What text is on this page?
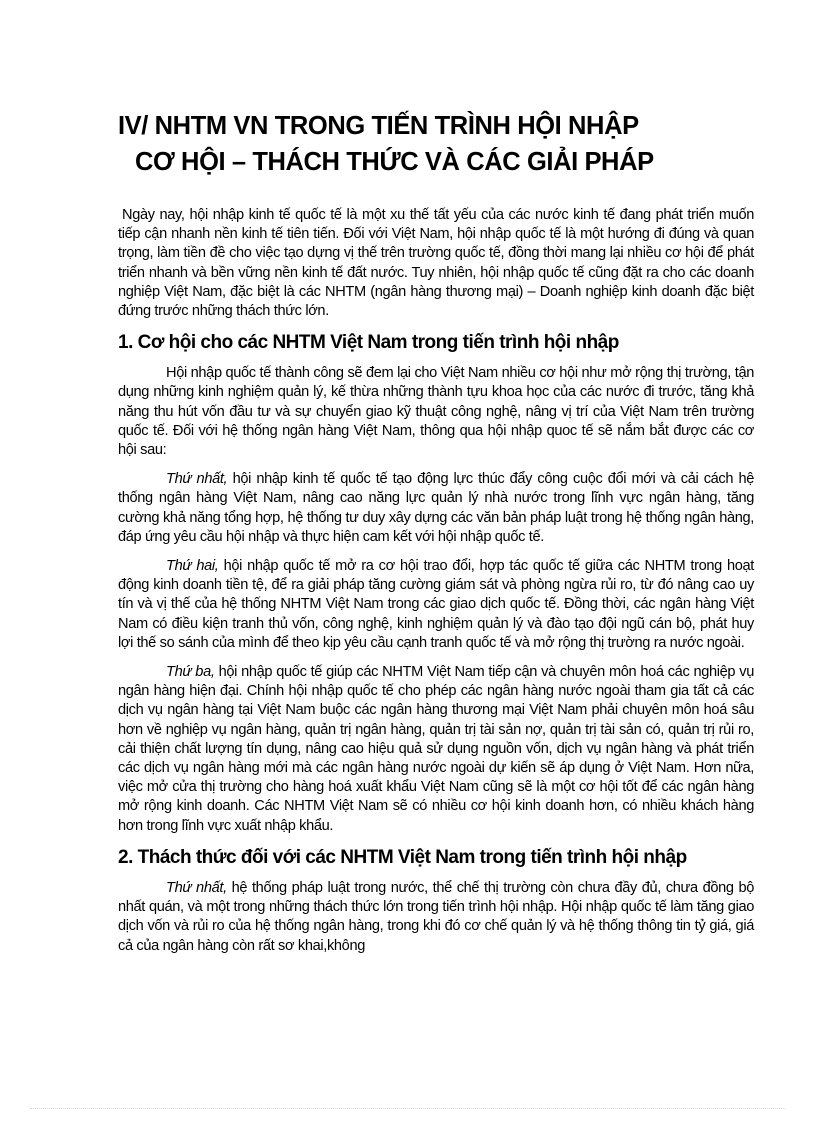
IV/ NHTM VN TRONG TIẾN TRÌNH HỘI NHẬP
CƠ HỘI – THÁCH THỨC VÀ CÁC GIẢI PHÁP

Ngày nay, hội nhập kinh tế quốc tế là một xu thế tất yếu của các nước kinh tế đang phát triển muốn tiếp cận nhanh nền kinh tế tiên tiến. Đối với Việt Nam, hội nhập quốc tế là một hướng đi đúng và quan trọng, làm tiền đề cho việc tạo dựng vị thế trên trường quốc tế, đồng thời mang lại nhiều cơ hội để phát triển nhanh và bền vững nền kinh tế đất nước. Tuy nhiên, hội nhập quốc tế cũng đặt ra cho các doanh nghiệp Việt Nam, đặc biệt là các NHTM (ngân hàng thương mại) – Doanh nghiệp kinh doanh đặc biệt đứng trước những thách thức lớn.

1. Cơ hội cho các NHTM Việt Nam trong tiến trình hội nhập

Hội nhập quốc tế thành công sẽ đem lại cho Việt Nam nhiều cơ hội như mở rộng thị trường, tận dụng những kinh nghiệm quản lý, kế thừa những thành tựu khoa học của các nước đi trước, tăng khả năng thu hút vốn đầu tư và sự chuyển giao kỹ thuật công nghệ, nâng vị trí của Việt Nam trên trường quốc tế. Đối với hệ thống ngân hàng Việt Nam, thông qua hội nhập quoc tế sẽ nắm bắt được các cơ hội sau:

Thứ nhất, hội nhập kinh tế quốc tế tạo động lực thúc đẩy công cuộc đổi mới và cải cách hệ thống ngân hàng Việt Nam, nâng cao năng lực quản lý nhà nước trong lĩnh vực ngân hàng, tăng cường khả năng tổng hợp, hệ thống tư duy xây dựng các văn bản pháp luật trong hệ thống ngân hàng, đáp ứng yêu cầu hội nhập và thực hiện cam kết với hội nhập quốc tế.

Thứ hai, hội nhập quốc tế mở ra cơ hội trao đổi, hợp tác quốc tế giữa các NHTM trong hoạt động kinh doanh tiền tệ, để ra giải pháp tăng cường giám sát và phòng ngừa rủi ro, từ đó nâng cao uy tín và vị thế của hệ thống NHTM Việt Nam trong các giao dịch quốc tế. Đồng thời, các ngân hàng Việt Nam có điều kiện tranh thủ vốn, công nghệ, kinh nghiệm quản lý và đào tạo đội ngũ cán bộ, phát huy lợi thế so sánh của mình để theo kịp yêu cầu cạnh tranh quốc tế và mở rộng thị trường ra nước ngoài.

Thứ ba, hội nhập quốc tế giúp các NHTM Việt Nam tiếp cận và chuyên môn hoá các nghiệp vụ ngân hàng hiện đại. Chính hội nhập quốc tế cho phép các ngân hàng nước ngoài tham gia tất cả các dịch vụ ngân hàng tại Việt Nam buộc các ngân hàng thương mại Việt Nam phải chuyên môn hoá sâu hơn về nghiệp vụ ngân hàng, quản trị ngân hàng, quản trị tài sản nợ, quản trị tài sản có, quản trị rủi ro, cải thiện chất lượng tín dụng, nâng cao hiệu quả sử dụng nguồn vốn, dịch vụ ngân hàng và phát triển các dịch vụ ngân hàng mới mà các ngân hàng nước ngoài dự kiến sẽ áp dụng ở Việt Nam. Hơn nữa, việc mở cửa thị trường cho hàng hoá xuất khẩu Việt Nam cũng sẽ là một cơ hội tốt để các ngân hàng mở rộng kinh doanh. Các NHTM Việt Nam sẽ có nhiều cơ hội kinh doanh hơn, có nhiều khách hàng hơn trong lĩnh vực xuất nhập khẩu.

2. Thách thức đối với các NHTM Việt Nam trong tiến trình hội nhập

Thứ nhất, hệ thống pháp luật trong nước, thể chế thị trường còn chưa đầy đủ, chưa đồng bộ nhất quán, và một trong những thách thức lớn trong tiến trình hội nhập. Hội nhập quốc tế làm tăng giao dịch vốn và rủi ro của hệ thống ngân hàng, trong khi đó cơ chế quản lý và hệ thống thông tin tỷ giá, giá cả của ngân hàng còn rất sơ khai,không
